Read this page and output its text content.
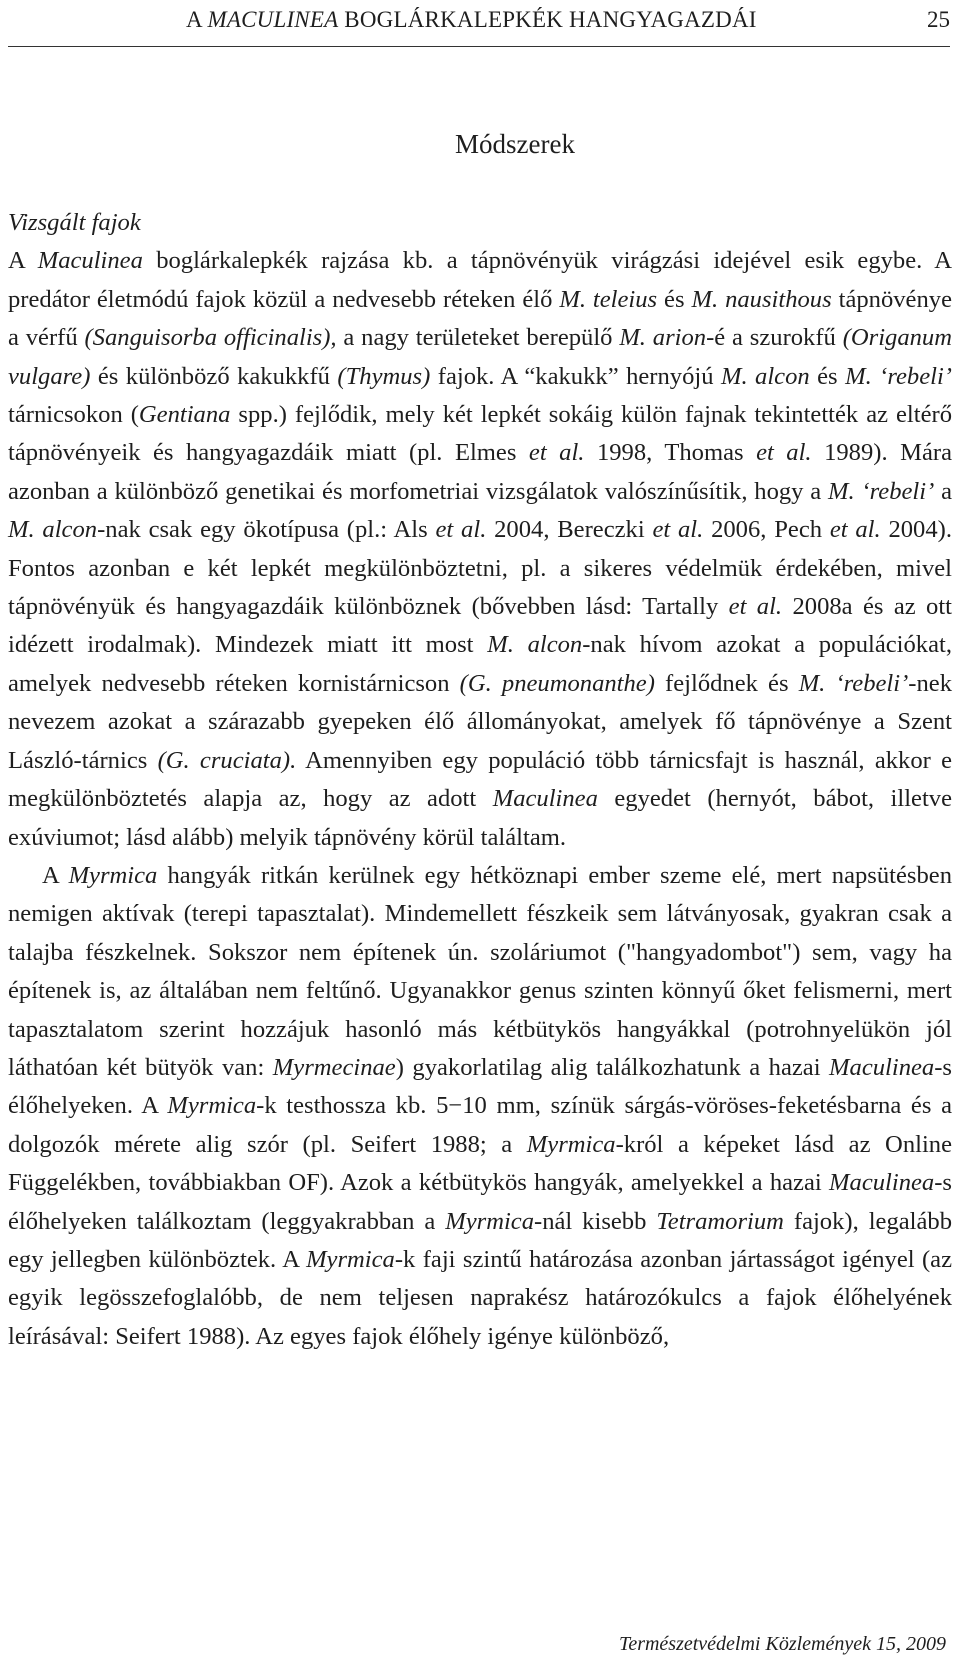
A MACULINEA BOGLÁRKALEPKÉK HANGYAGAZDÁI	25
Módszerek
Vizsgált fajok

A Maculinea boglárkalepkék rajzása kb. a tápnövényük virágzási idejével esik egybe. A predátor életmódú fajok közül a nedvesebb réteken élő M. teleius és M. nausithous tápnövénye a vérfű (Sanguisorba officinalis), a nagy területeket berepülő M. arion-é a szurokfű (Origanum vulgare) és különböző kakukkfű (Thymus) fajok. A “kakukk” hernyójú M. alcon és M. ‘rebeli’ tárnicsokon (Gentiana spp.) fejlődik, mely két lepkét sokáig külön fajnak tekintették az eltérő tápnövényeik és hangyagazdáik miatt (pl. Elmes et al. 1998, Thomas et al. 1989). Mára azonban a különböző genetikai és morfometriai vizsgálatok valószínűsítik, hogy a M. ‘rebeli’ a M. alcon-nak csak egy ökotípusa (pl.: Als et al. 2004, Bereczki et al. 2006, Pech et al. 2004). Fontos azonban e két lepkét megkülönböztetni, pl. a sikeres védelmük érdekében, mivel tápnövényük és hangyagazdáik különböznek (bővebben lásd: Tartally et al. 2008a és az ott idézett irodalmak). Mindezek miatt itt most M. alcon-nak hívom azokat a populációkat, amelyek nedvesebb réteken kornistárnicson (G. pneumonanthe) fejlődnek és M. ‘rebeli’-nek nevezem azokat a szárazabb gyepeken élő állományokat, amelyek fő tápnövénye a Szent László-tárnics (G. cruciata). Amennyiben egy populáció több tárnicsfajt is használ, akkor e megkülönböztetés alapja az, hogy az adott Maculinea egyedet (hernyót, bábot, illetve exúviumot; lásd alább) melyik tápnövény körül találtam.

A Myrmica hangyák ritkán kerülnek egy hétköznapi ember szeme elé, mert napsütésben nemigen aktívak (terepi tapasztalat). Mindemellett fészkeik sem látványosak, gyakran csak a talajba fészkelnek. Sokszor nem építenek ún. szoláriumot ("hangyadombot") sem, vagy ha építenek is, az általában nem feltűnő. Ugyanakkor genus szinten könnyű őket felismerni, mert tapasztalatom szerint hozzájuk hasonló más kétbütykös hangyákkal (potrohnyelükön jól láthatóan két bütyök van: Myrmecinae) gyakorlatilag alig találkozhatunk a hazai Maculinea-s élőhelyeken. A Myrmica-k testhossza kb. 5−10 mm, színük sárgás-vöröses-feketésbarna és a dolgozók mérete alig szór (pl. Seifert 1988; a Myrmica-król a képeket lásd az Online Függelékben, továbbiakban OF). Azok a kétbütykös hangyák, amelyekkel a hazai Maculinea-s élőhelyeken találkoztam (leggyakrabban a Myrmica-nál kisebb Tetramorium fajok), legalább egy jellegben különböztek. A Myrmica-k faji szintű határozása azonban jártasságot igényel (az egyik legösszefoglalóbb, de nem teljesen naprakész határozókulcs a fajok élőhelyének leírásával: Seifert 1988). Az egyes fajok élőhely igénye különböző,

Természetvédelmi Közlemények 15, 2009
